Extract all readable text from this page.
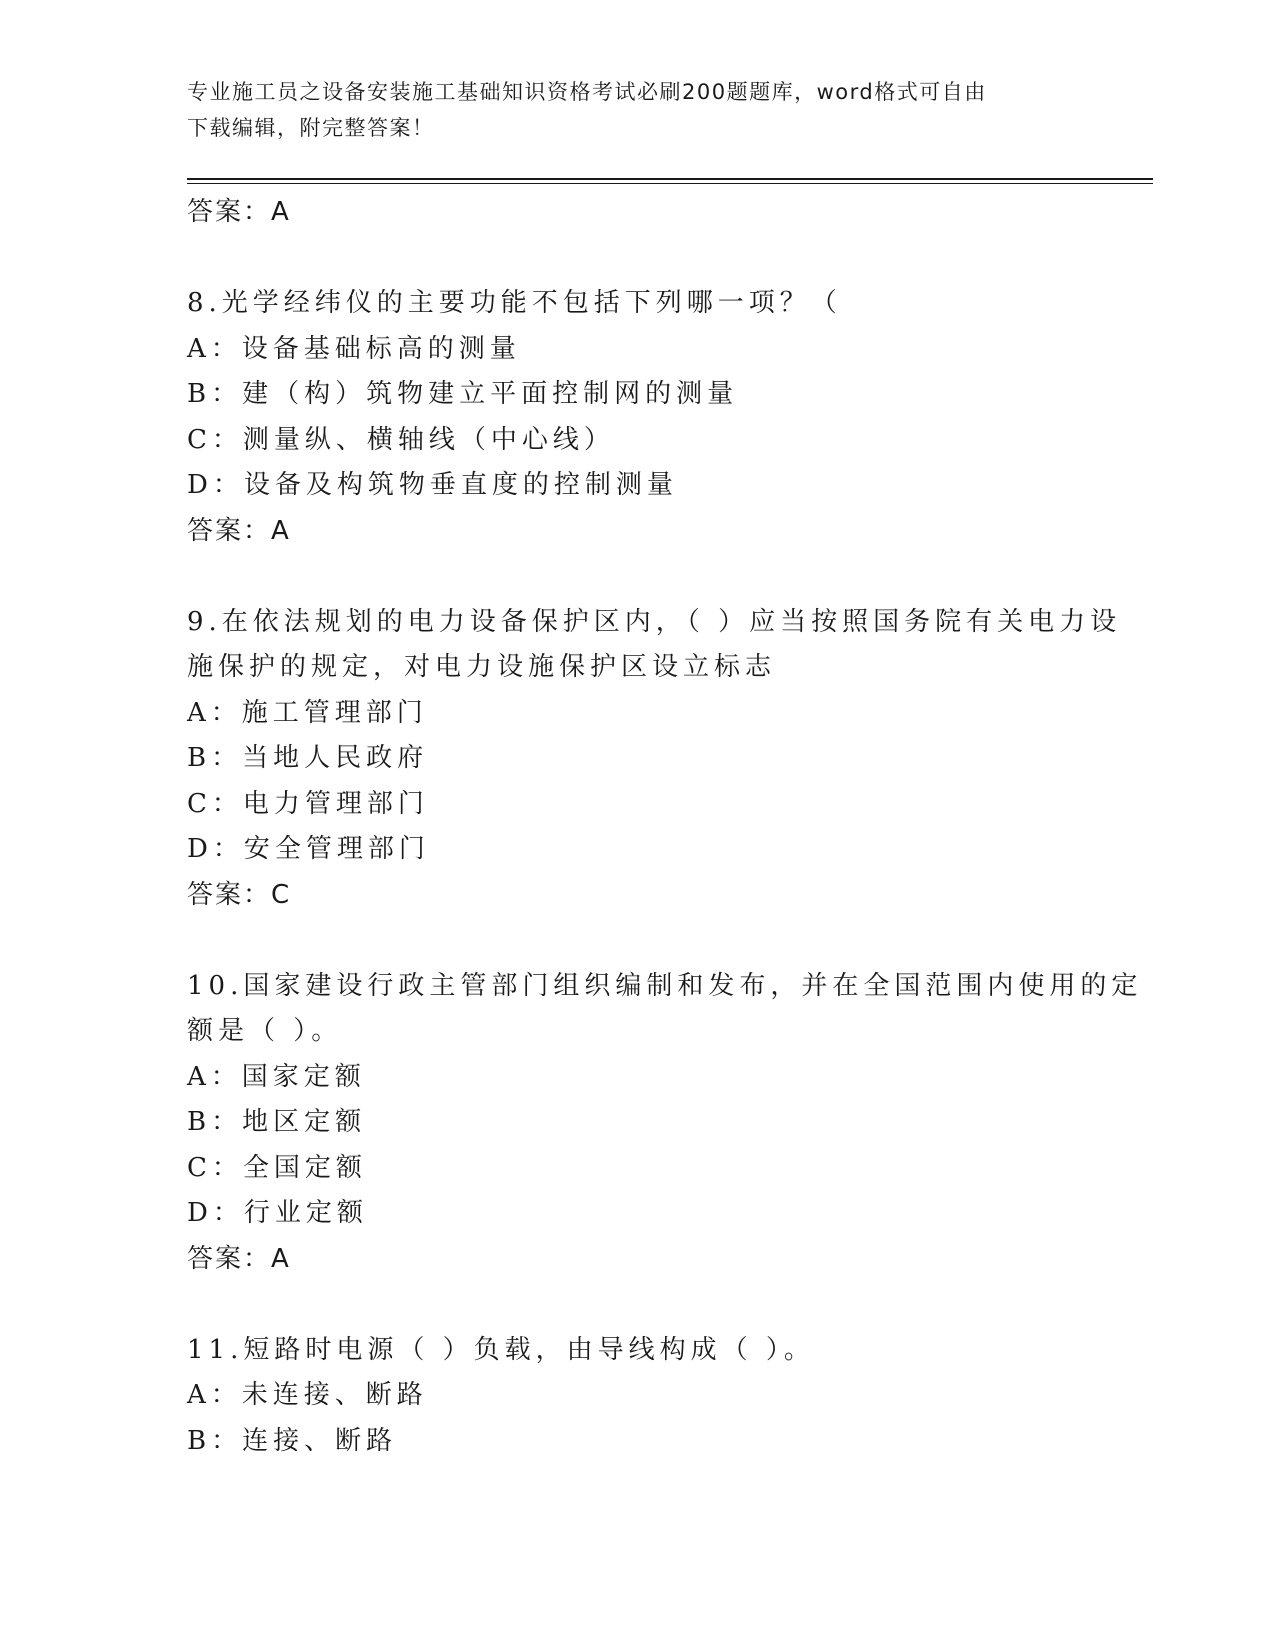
专业施工员之设备安装施工基础知识资格考试必刷200题题库，word格式可自由
下载编辑，附完整答案！
答案：A
8.光学经纬仪的主要功能不包括下列哪一项？（
A：设备基础标高的测量
B：建（构）筑物建立平面控制网的测量
C：测量纵、横轴线（中心线）
D：设备及构筑物垂直度的控制测量
答案：A
9.在依法规划的电力设备保护区内，（ ）应当按照国务院有关电力设
施保护的规定，对电力设施保护区设立标志
A：施工管理部门
B：当地人民政府
C：电力管理部门
D：安全管理部门
答案：C
10.国家建设行政主管部门组织编制和发布，并在全国范围内使用的定
额是（ ）。
A：国家定额
B：地区定额
C：全国定额
D：行业定额
答案：A
11.短路时电源（ ）负载，由导线构成（ ）。
A：未连接、断路
B：连接、断路
